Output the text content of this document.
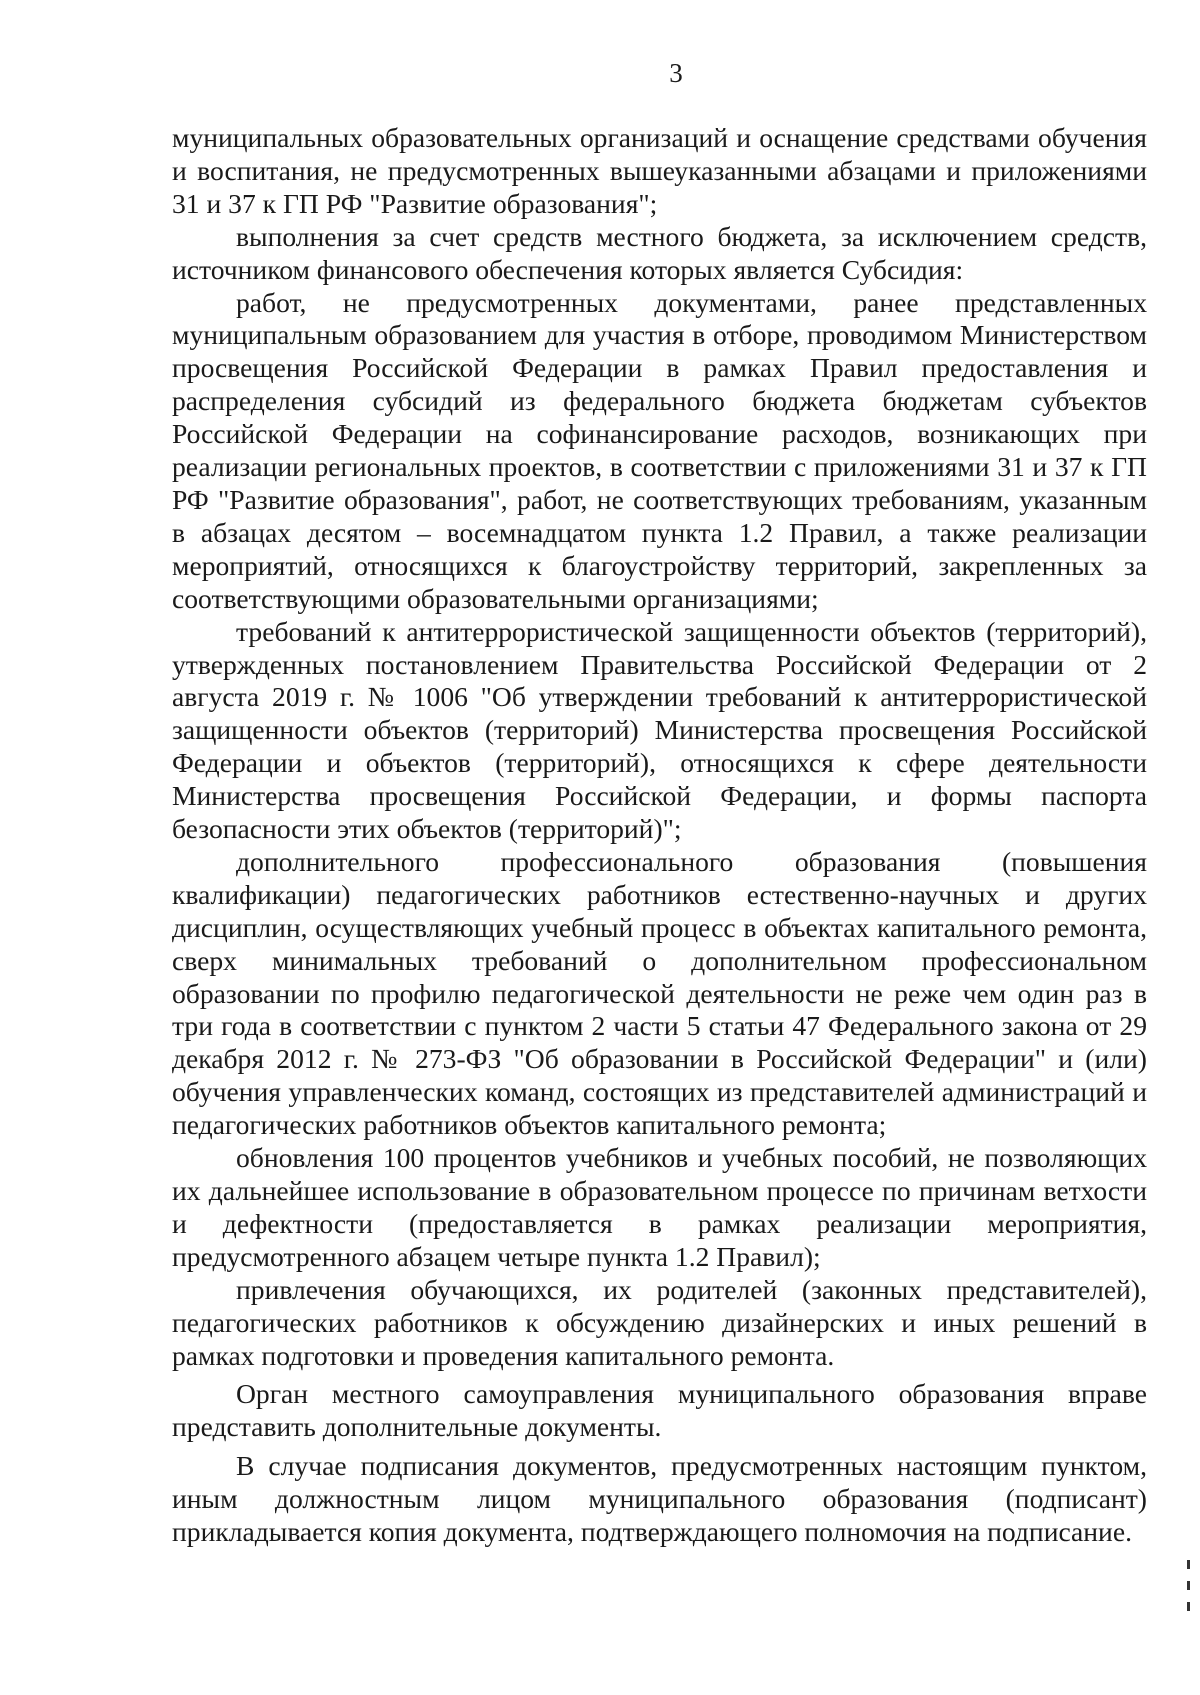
3

муниципальных образовательных организаций и оснащение средствами обучения и воспитания, не предусмотренных вышеуказанными абзацами и приложениями 31 и 37 к ГП РФ "Развитие образования";

выполнения за счет средств местного бюджета, за исключением средств, источником финансового обеспечения которых является Субсидия:

работ, не предусмотренных документами, ранее представленных муниципальным образованием для участия в отборе, проводимом Министерством просвещения Российской Федерации в рамках Правил предоставления и распределения субсидий из федерального бюджета бюджетам субъектов Российской Федерации на софинансирование расходов, возникающих при реализации региональных проектов, в соответствии с приложениями 31 и 37 к ГП РФ "Развитие образования", работ, не соответствующих требованиям, указанным в абзацах десятом – восемнадцатом пункта 1.2 Правил, а также реализации мероприятий, относящихся к благоустройству территорий, закрепленных за соответствующими образовательными организациями;

требований к антитеррористической защищенности объектов (территорий), утвержденных постановлением Правительства Российской Федерации от 2 августа 2019 г. № 1006 "Об утверждении требований к антитеррористической защищенности объектов (территорий) Министерства просвещения Российской Федерации и объектов (территорий), относящихся к сфере деятельности Министерства просвещения Российской Федерации, и формы паспорта безопасности этих объектов (территорий)";

дополнительного профессионального образования (повышения квалификации) педагогических работников естественно-научных и других дисциплин, осуществляющих учебный процесс в объектах капитального ремонта, сверх минимальных требований о дополнительном профессиональном образовании по профилю педагогической деятельности не реже чем один раз в три года в соответствии с пунктом 2 части 5 статьи 47 Федерального закона от 29 декабря 2012 г. № 273-ФЗ "Об образовании в Российской Федерации" и (или) обучения управленческих команд, состоящих из представителей администраций и педагогических работников объектов капитального ремонта;

обновления 100 процентов учебников и учебных пособий, не позволяющих их дальнейшее использование в образовательном процессе по причинам ветхости и дефектности (предоставляется в рамках реализации мероприятия, предусмотренного абзацем четыре пункта 1.2 Правил);

привлечения обучающихся, их родителей (законных представителей), педагогических работников к обсуждению дизайнерских и иных решений в рамках подготовки и проведения капитального ремонта.

Орган местного самоуправления муниципального образования вправе представить дополнительные документы.

В случае подписания документов, предусмотренных настоящим пунктом, иным должностным лицом муниципального образования (подписант) прикладывается копия документа, подтверждающего полномочия на подписание.
